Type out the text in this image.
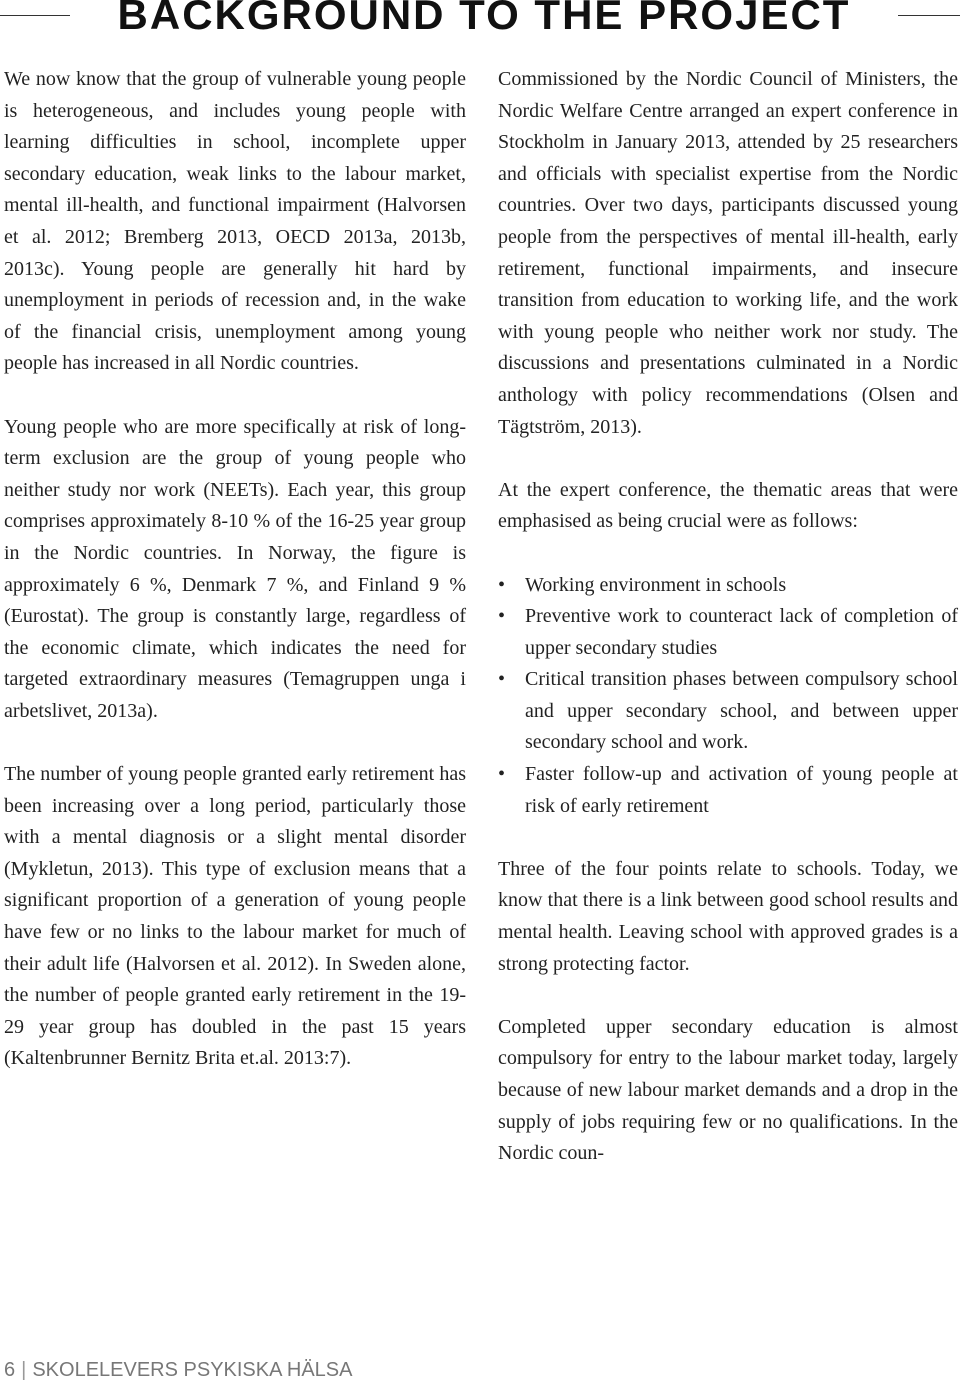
BACKGROUND TO THE PROJECT

We now know that the group of vulnerable young people is heterogeneous, and includes young people with learning difficulties in school, incomplete upper secondary education, weak links to the labour market, mental ill-health, and functional impairment (Halvorsen et al. 2012; Bremberg 2013, OECD 2013a, 2013b, 2013c). Young people are generally hit hard by unemployment in periods of recession and, in the wake of the financial crisis, unemployment among young people has increased in all Nordic countries.

Young people who are more specifically at risk of long-term exclusion are the group of young people who neither study nor work (NEETs). Each year, this group comprises approximately 8-10 % of the 16-25 year group in the Nordic countries. In Norway, the figure is approximately 6 %, Denmark 7 %, and Finland 9 % (Eurostat). The group is constantly large, regardless of the economic climate, which indicates the need for targeted extraordinary measures (Temagruppen unga i arbetslivet, 2013a).

The number of young people granted early retirement has been increasing over a long period, particularly those with a mental diagnosis or a slight mental disorder (Mykletun, 2013). This type of exclusion means that a significant proportion of a generation of young people have few or no links to the labour market for much of their adult life (Halvorsen et al. 2012). In Sweden alone, the number of people granted early retirement in the 19-29 year group has doubled in the past 15 years (Kaltenbrunner Bernitz Brita et.al. 2013:7).

Commissioned by the Nordic Council of Ministers, the Nordic Welfare Centre arranged an expert conference in Stockholm in January 2013, attended by 25 researchers and officials with specialist expertise from the Nordic countries. Over two days, participants discussed young people from the perspectives of mental ill-health, early retirement, functional impairments, and insecure transition from education to working life, and the work with young people who neither work nor study. The discussions and presentations culminated in a Nordic anthology with policy recommendations (Olsen and Tägtström, 2013).

At the expert conference, the thematic areas that were emphasised as being crucial were as follows:

• Working environment in schools
• Preventive work to counteract lack of completion of upper secondary studies
• Critical transition phases between compulsory school and upper secondary school, and between upper secondary school and work.
• Faster follow-up and activation of young people at risk of early retirement

Three of the four points relate to schools. Today, we know that there is a link between good school results and mental health. Leaving school with approved grades is a strong protecting factor.

Completed upper secondary education is almost compulsory for entry to the labour market today, largely because of new labour market demands and a drop in the supply of jobs requiring few or no qualifications. In the Nordic coun-

6 | SKOLELEVERS PSYKISKA HÄLSA
